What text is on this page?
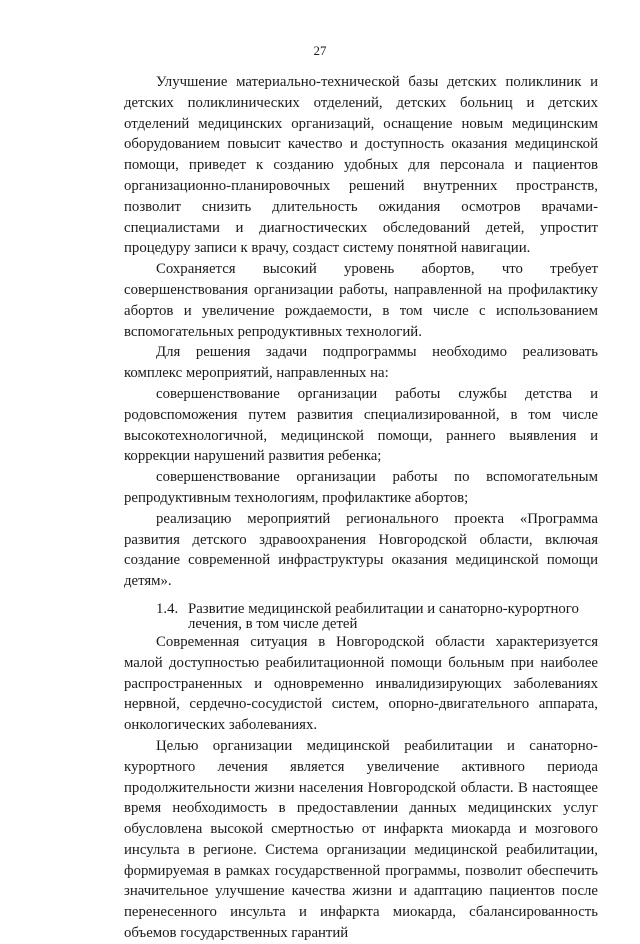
27

Улучшение материально-технической базы детских поликлиник и детских поликлинических отделений, детских больниц и детских отделений медицинских организаций, оснащение новым медицинским оборудованием повысит качество и доступность оказания медицинской помощи, приведет к созданию удобных для персонала и пациентов организационно-планировочных решений внутренних пространств, позволит снизить длительность ожидания осмотров врачами-специалистами и диагностических обследований детей, упростит процедуру записи к врачу, создаст систему понятной навигации.

Сохраняется высокий уровень абортов, что требует совершенствования организации работы, направленной на профилактику абортов и увеличение рождаемости, в том числе с использованием вспомогательных репродуктивных технологий.

Для решения задачи подпрограммы необходимо реализовать комплекс мероприятий, направленных на:

совершенствование организации работы службы детства и родовспоможения путем развития специализированной, в том числе высокотехнологичной, медицинской помощи, раннего выявления и коррекции нарушений развития ребенка;

совершенствование организации работы по вспомогательным репродуктивным технологиям, профилактике абортов;

реализацию мероприятий регионального проекта «Программа развития детского здравоохранения Новгородской области, включая создание современной инфраструктуры оказания медицинской помощи детям».

1.4. Развитие медицинской реабилитации и санаторно-курортного
лечения, в том числе детей

Современная ситуация в Новгородской области характеризуется малой доступностью реабилитационной помощи больным при наиболее распространенных и одновременно инвалидизирующих заболеваниях нервной, сердечно-сосудистой систем, опорно-двигательного аппарата, онкологических заболеваниях.

Целью организации медицинской реабилитации и санаторно-курортного лечения является увеличение активного периода продолжительности жизни населения Новгородской области. В настоящее время необходимость в предоставлении данных медицинских услуг обусловлена высокой смертностью от инфаркта миокарда и мозгового инсульта в регионе. Система организации медицинской реабилитации, формируемая в рамках государственной программы, позволит обеспечить значительное улучшение качества жизни и адаптацию пациентов после перенесенного инсульта и инфаркта миокарда, сбалансированность объемов государственных гарантий
